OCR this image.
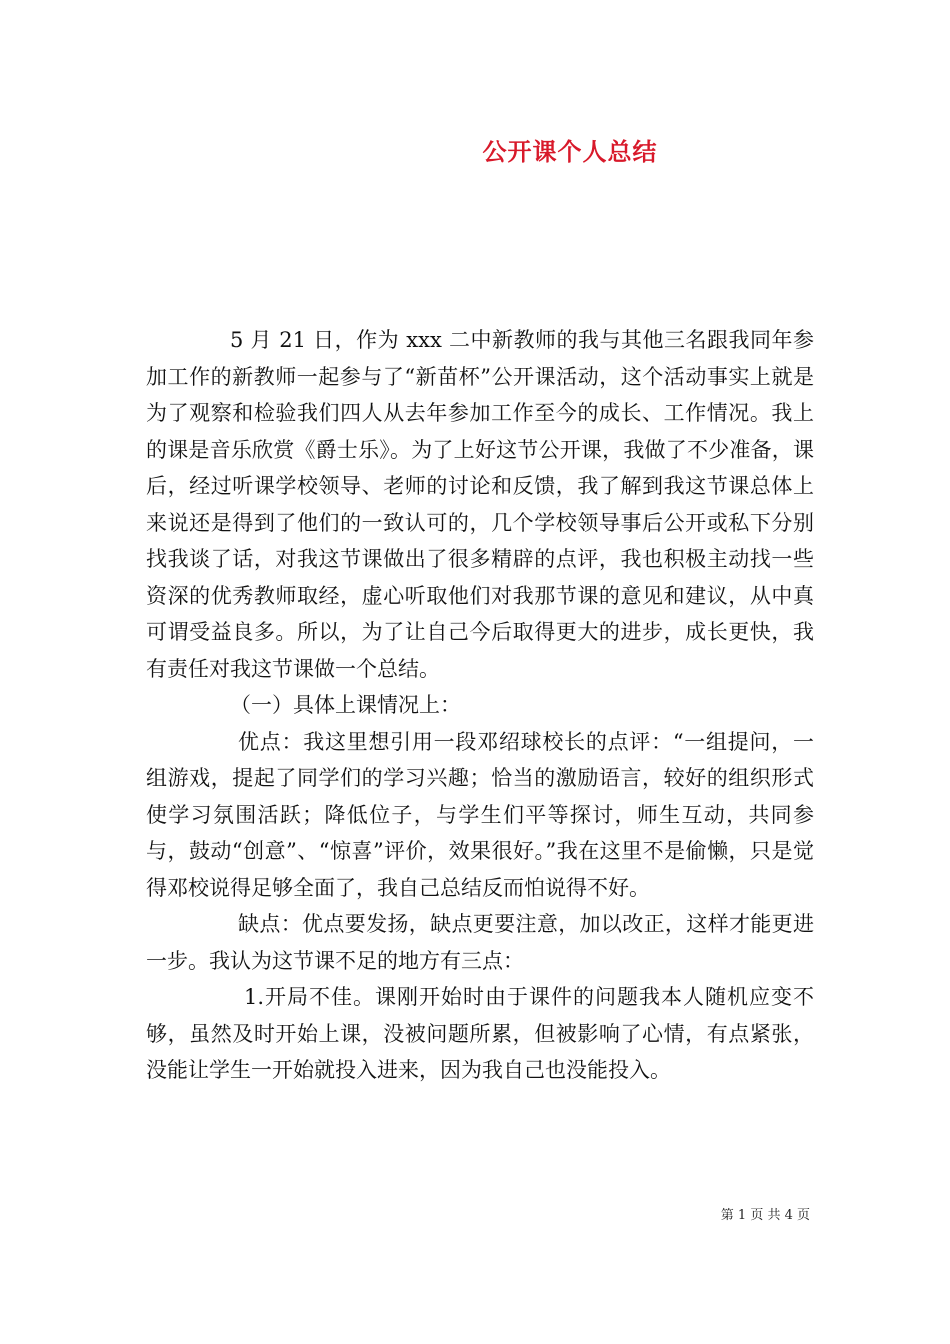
公开课个人总结

5 月 21 日，作为 xxx 二中新教师的我与其他三名跟我同年参加工作的新教师一起参与了“新苗杯”公开课活动，这个活动事实上就是为了观察和检验我们四人从去年参加工作至今的成长、工作情况。我上的课是音乐欣赏《爵士乐》。为了上好这节公开课，我做了不少准备，课后，经过听课学校领导、老师的讨论和反馈，我了解到我这节课总体上来说还是得到了他们的一致认可的，几个学校领导事后公开或私下分别找我谈了话，对我这节课做出了很多精辟的点评，我也积极主动找一些资深的优秀教师取经，虚心听取他们对我那节课的意见和建议，从中真可谓受益良多。所以，为了让自己今后取得更大的进步，成长更快，我有责任对我这节课做一个总结。

（一）具体上课情况上：

优点：我这里想引用一段邓绍球校长的点评：“一组提问，一组游戏，提起了同学们的学习兴趣；恰当的激励语言，较好的组织形式使学习氛围活跃；降低位子，与学生们平等探讨，师生互动，共同参与，鼓动“创意”、“惊喜”评价，效果很好。”我在这里不是偷懒，只是觉得邓校说得足够全面了，我自己总结反而怕说得不好。

缺点：优点要发扬，缺点更要注意，加以改正，这样才能更进一步。我认为这节课不足的地方有三点：

1.开局不佳。课刚开始时由于课件的问题我本人随机应变不够，虽然及时开始上课，没被问题所累，但被影响了心情，有点紧张，没能让学生一开始就投入进来，因为我自己也没能投入。

第 1 页 共 4 页
